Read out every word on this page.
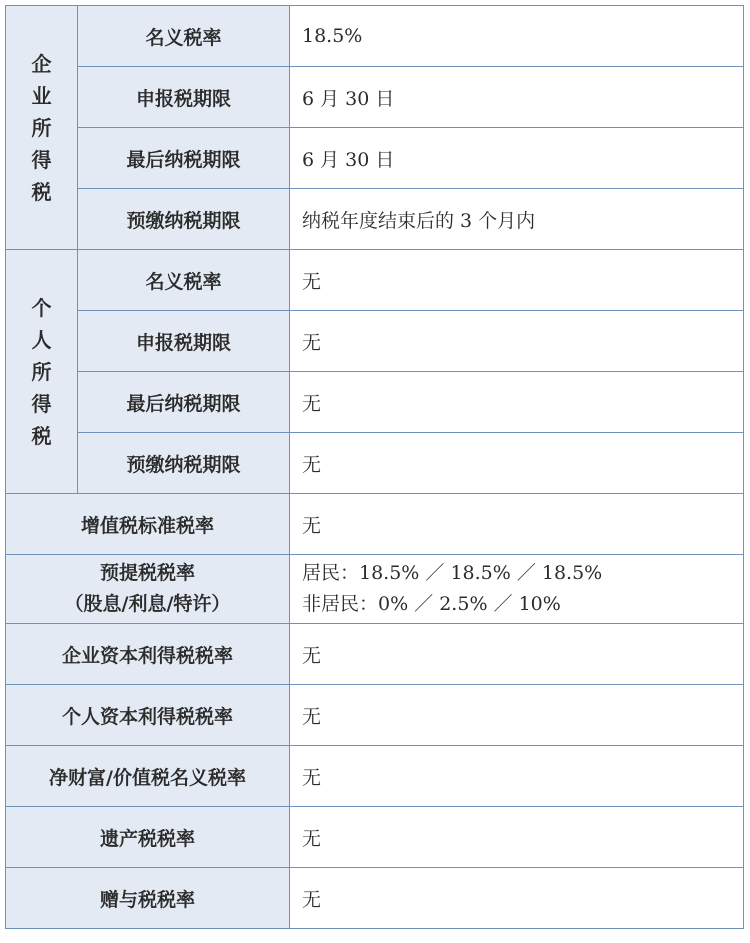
企业所得税	名义税率	18.5%
	申报税期限	6 月 30 日
	最后纳税期限	6 月 30 日
	预缴纳税期限	纳税年度结束后的 3 个月内
个人所得税	名义税率	无
	申报税期限	无
	最后纳税期限	无
	预缴纳税期限	无
增值税标准税率		无

预提税税率
（股息/利息/特许）		居民：18.5% ／ 18.5% ／ 18.5%
非居民：0% ／ 2.5% ／ 10%

企业资本利得税税率		无
个人资本利得税税率		无
净财富/价值税名义税率		无
遗产税税率		无
赠与税税率		无
